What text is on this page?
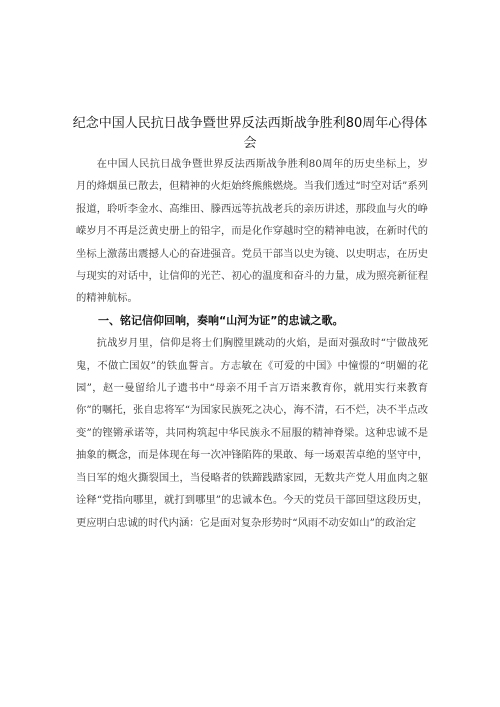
纪念中国人民抗日战争暨世界反法西斯战争胜利80周年心得体会

在中国人民抗日战争暨世界反法西斯战争胜利80周年的历史坐标上，岁月的烽烟虽已散去，但精神的火炬始终熊熊燃烧。当我们透过“时空对话”系列报道，聆听李金水、高维田、滕西远等抗战老兵的亲历讲述，那段血与火的峥嵘岁月不再是泛黄史册上的铅字，而是化作穿越时空的精神电波，在新时代的坐标上激荡出震撼人心的奋进强音。党员干部当以史为镜、以史明志，在历史与现实的对话中，让信仰的光芒、初心的温度和奋斗的力量，成为照亮新征程的精神航标。

一、铭记信仰回响，奏响“山河为证”的忠诚之歌。

抗战岁月里，信仰是将士们胸膛里跳动的火焰，是面对强敌时“宁做战死鬼，不做亡国奴”的铁血誓言。方志敏在《可爱的中国》中憧憬的“明媚的花园”，赵一曼留给儿子遗书中“母亲不用千言万语来教育你，就用实行来教育你”的嘱托，张自忠将军“为国家民族死之决心，海不清，石不烂，决不半点改变”的铿锵承诺等，共同构筑起中华民族永不屈服的精神脊梁。这种忠诚不是抽象的概念，而是体现在每一次冲锋陷阵的果敢、每一场艰苦卓绝的坚守中，当日军的炮火撕裂国土，当侵略者的铁蹄践踏家园，无数共产党人用血肉之躯诠释“党指向哪里，就打到哪里”的忠诚本色。今天的党员干部回望这段历史，更应明白忠诚的时代内涵：它是面对复杂形势时“风雨不动安如山”的政治定
